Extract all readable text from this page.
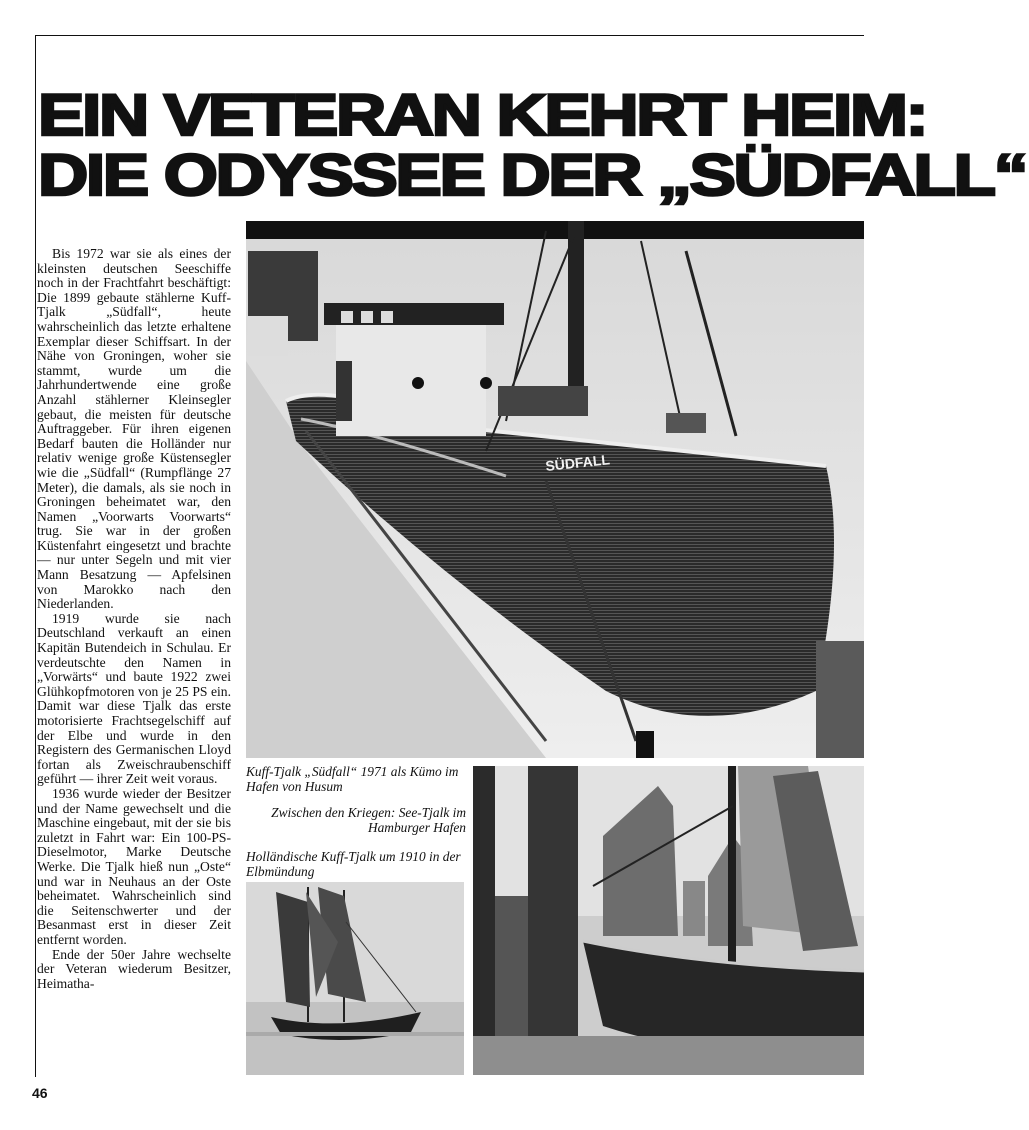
EIN VETERAN KEHRT HEIM:
DIE ODYSSEE DER „SÜDFALL“

Bis 1972 war sie als eines der kleinsten deutschen Seeschiffe noch in der Frachtfahrt beschäftigt: Die 1899 gebaute stählerne Kuff-Tjalk „Südfall“, heute wahrscheinlich das letzte erhaltene Exemplar dieser Schiffsart. In der Nähe von Groningen, woher sie stammt, wurde um die Jahrhundertwende eine große Anzahl stählerner Kleinsegler gebaut, die meisten für deutsche Auftraggeber. Für ihren eigenen Bedarf bauten die Holländer nur relativ wenige große Küstensegler wie die „Südfall“ (Rumpflänge 27 Meter), die damals, als sie noch in Groningen beheimatet war, den Namen „Voorwarts Voorwarts“ trug. Sie war in der großen Küstenfahrt eingesetzt und brachte — nur unter Segeln und mit vier Mann Besatzung — Apfelsinen von Marokko nach den Niederlanden.

1919 wurde sie nach Deutschland verkauft an einen Kapitän Butendeich in Schulau. Er verdeutschte den Namen in „Vorwärts“ und baute 1922 zwei Glühkopfmotoren von je 25 PS ein. Damit war diese Tjalk das erste motorisierte Frachtsegelschiff auf der Elbe und wurde in den Registern des Germanischen Lloyd fortan als Zweischraubenschiff geführt — ihrer Zeit weit voraus.

1936 wurde wieder der Besitzer und der Name gewechselt und die Maschine eingebaut, mit der sie bis zuletzt in Fahrt war: Ein 100-PS-Dieselmotor, Marke Deutsche Werke. Die Tjalk hieß nun „Oste“ und war in Neuhaus an der Oste beheimatet. Wahrscheinlich sind die Seitenschwerter und der Besanmast erst in dieser Zeit entfernt worden.

Ende der 50er Jahre wechselte der Veteran wiederum Besitzer, Heimatha-

SÜDFALL

Kuff-Tjalk „Südfall“ 1971 als Kümo im Hafen von Husum

Zwischen den Kriegen: See-Tjalk im Hamburger Hafen

Holländische Kuff-Tjalk um 1910 in der Elbmündung

46
